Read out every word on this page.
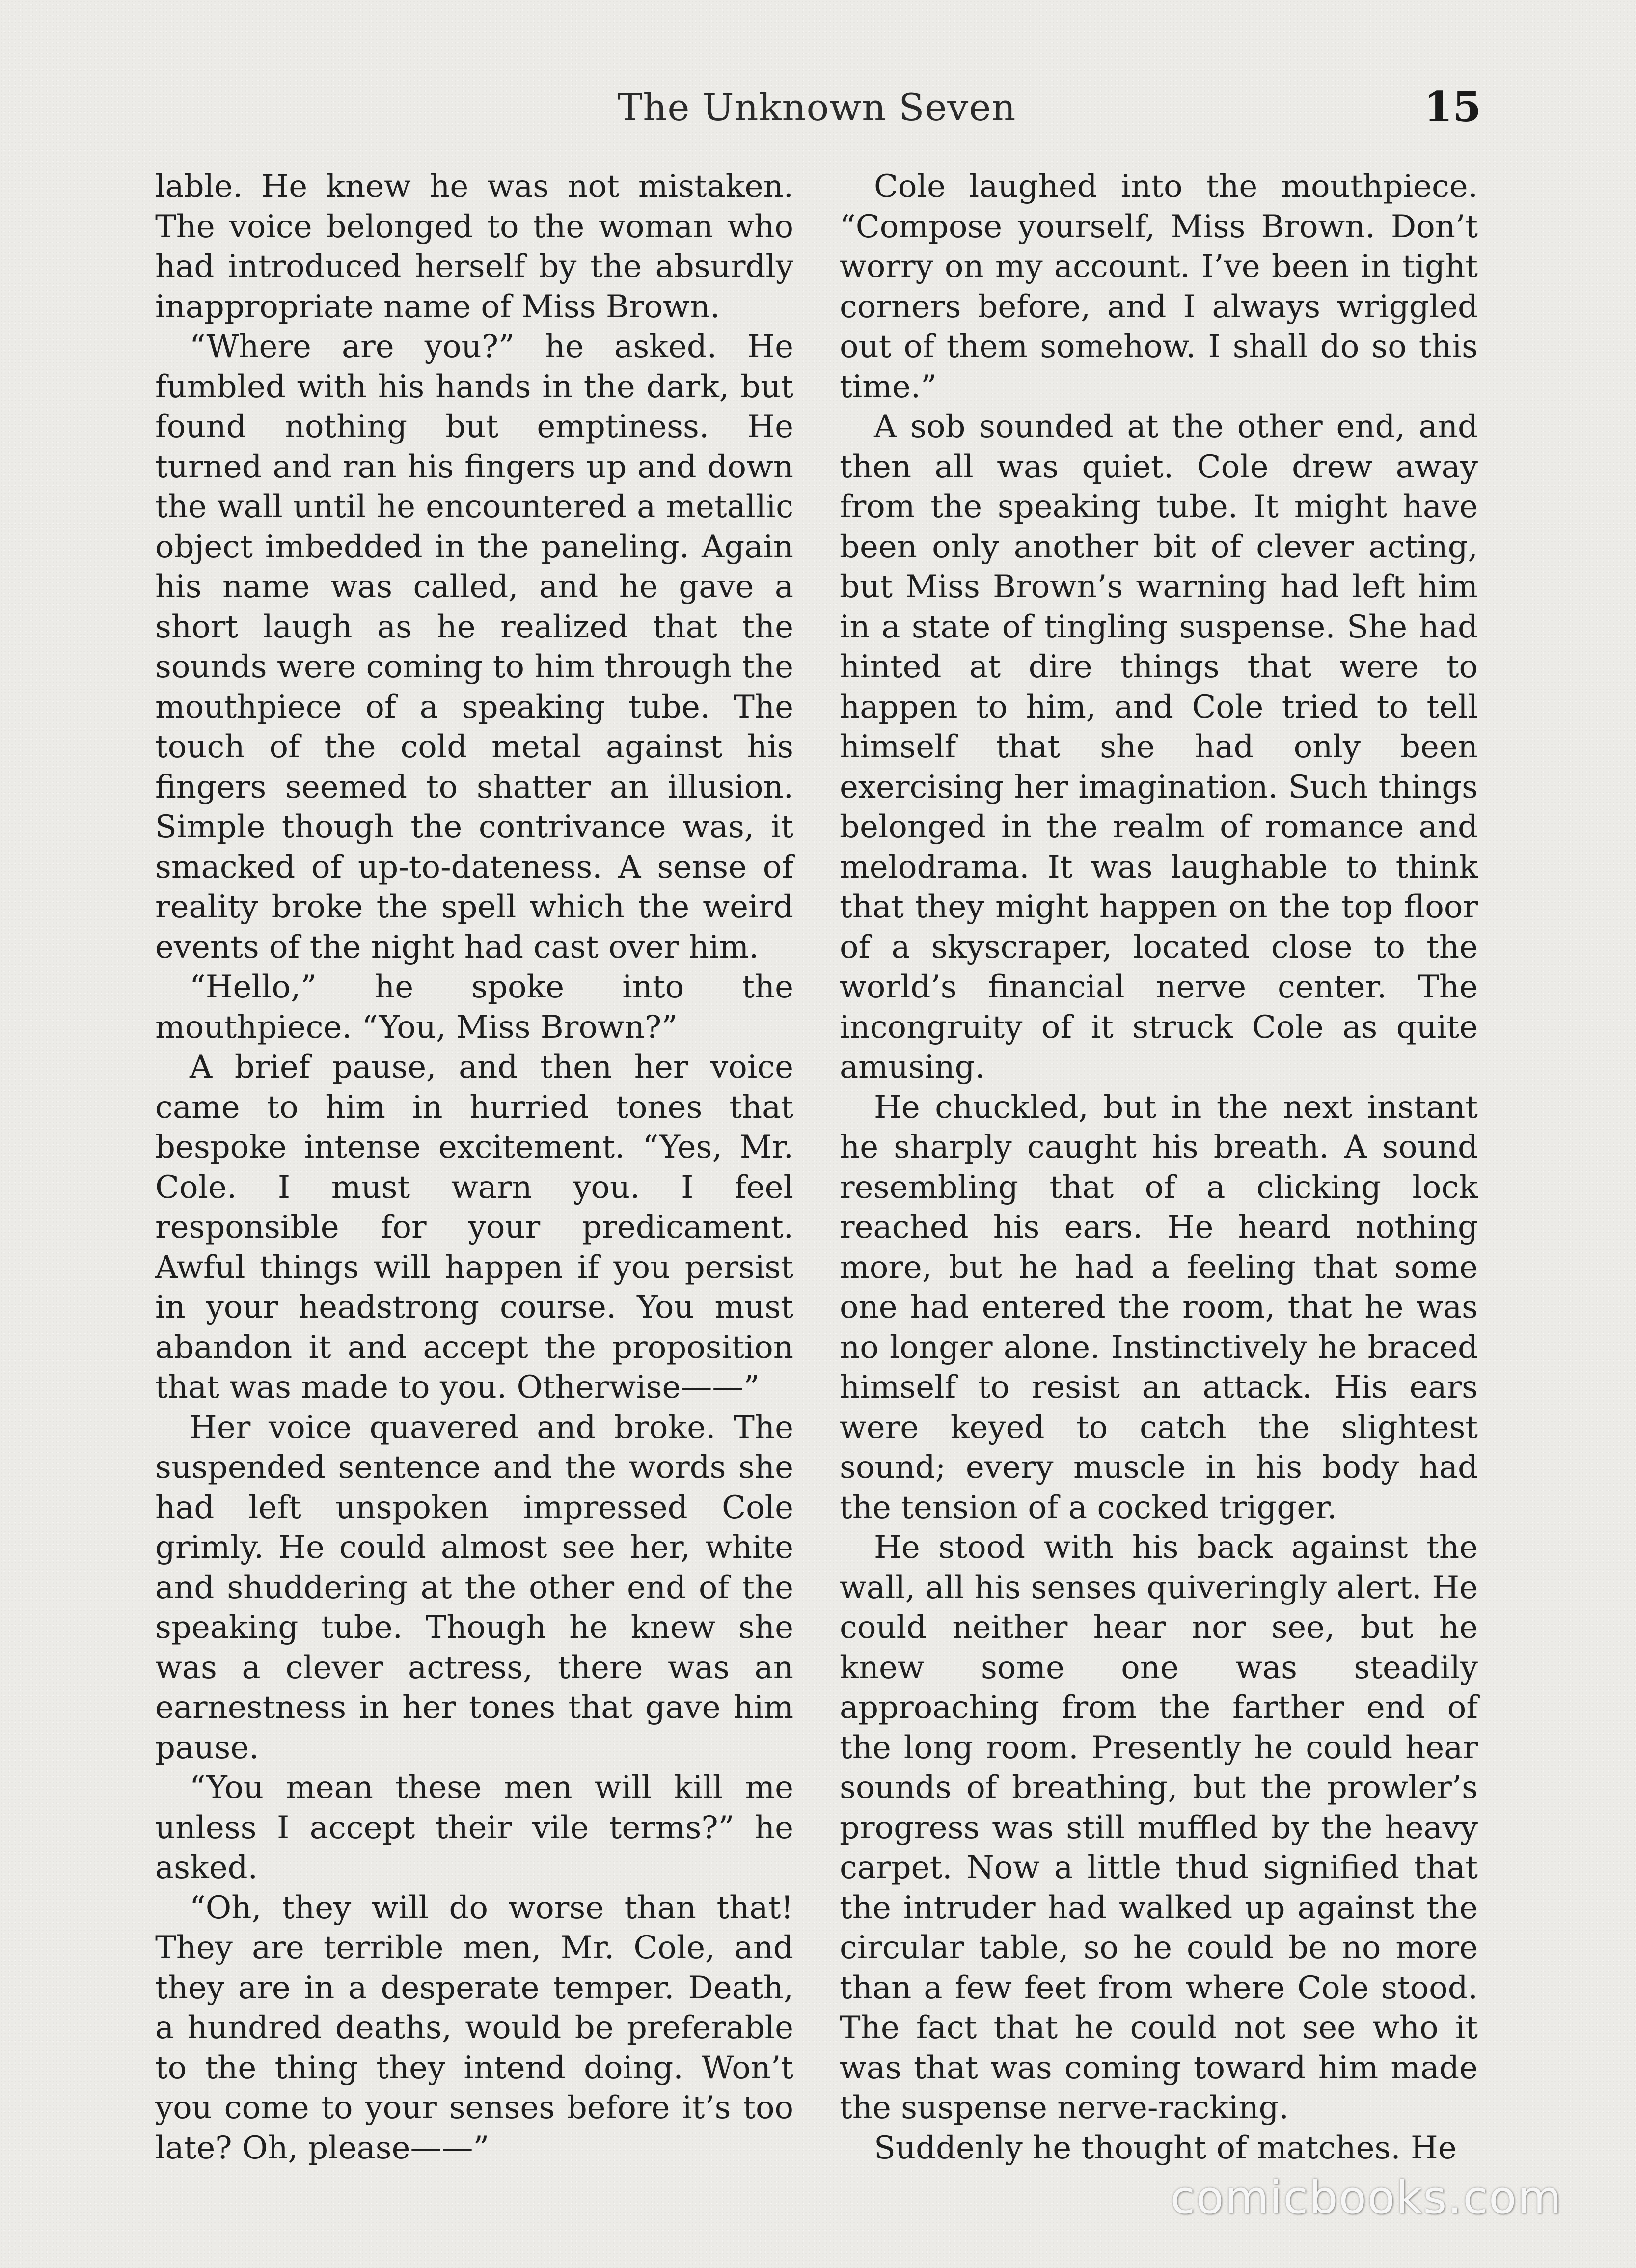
The Unknown Seven	15

lable. He knew he was not mistaken. The voice belonged to the woman who had introduced herself by the absurdly inappropriate name of Miss Brown.

“Where are you?” he asked. He fumbled with his hands in the dark, but found nothing but emptiness. He turned and ran his fingers up and down the wall until he encountered a metallic object imbedded in the paneling. Again his name was called, and he gave a short laugh as he realized that the sounds were coming to him through the mouthpiece of a speaking tube. The touch of the cold metal against his fingers seemed to shatter an illusion. Simple though the contrivance was, it smacked of up-to-dateness. A sense of reality broke the spell which the weird events of the night had cast over him.

“Hello,” he spoke into the mouthpiece. “You, Miss Brown?”

A brief pause, and then her voice came to him in hurried tones that bespoke intense excitement. “Yes, Mr. Cole. I must warn you. I feel responsible for your predicament. Awful things will happen if you persist in your headstrong course. You must abandon it and accept the proposition that was made to you. Otherwise——”

Her voice quavered and broke. The suspended sentence and the words she had left unspoken impressed Cole grimly. He could almost see her, white and shuddering at the other end of the speaking tube. Though he knew she was a clever actress, there was an earnestness in her tones that gave him pause.

“You mean these men will kill me unless I accept their vile terms?” he asked.

“Oh, they will do worse than that! They are terrible men, Mr. Cole, and they are in a desperate temper. Death, a hundred deaths, would be preferable to the thing they intend doing. Won’t you come to your senses before it’s too late? Oh, please——”

Cole laughed into the mouthpiece. “Compose yourself, Miss Brown. Don’t worry on my account. I’ve been in tight corners before, and I always wriggled out of them somehow. I shall do so this time.”

A sob sounded at the other end, and then all was quiet. Cole drew away from the speaking tube. It might have been only another bit of clever acting, but Miss Brown’s warning had left him in a state of tingling suspense. She had hinted at dire things that were to happen to him, and Cole tried to tell himself that she had only been exercising her imagination. Such things belonged in the realm of romance and melodrama. It was laughable to think that they might happen on the top floor of a skyscraper, located close to the world’s financial nerve center. The incongruity of it struck Cole as quite amusing.

He chuckled, but in the next instant he sharply caught his breath. A sound resembling that of a clicking lock reached his ears. He heard nothing more, but he had a feeling that some one had entered the room, that he was no longer alone. Instinctively he braced himself to resist an attack. His ears were keyed to catch the slightest sound; every muscle in his body had the tension of a cocked trigger.

He stood with his back against the wall, all his senses quiveringly alert. He could neither hear nor see, but he knew some one was steadily approaching from the farther end of the long room. Presently he could hear sounds of breathing, but the prowler’s progress was still muffled by the heavy carpet. Now a little thud signified that the intruder had walked up against the circular table, so he could be no more than a few feet from where Cole stood. The fact that he could not see who it was that was coming toward him made the suspense nerve-racking.

Suddenly he thought of matches. He

comicbooks.com
